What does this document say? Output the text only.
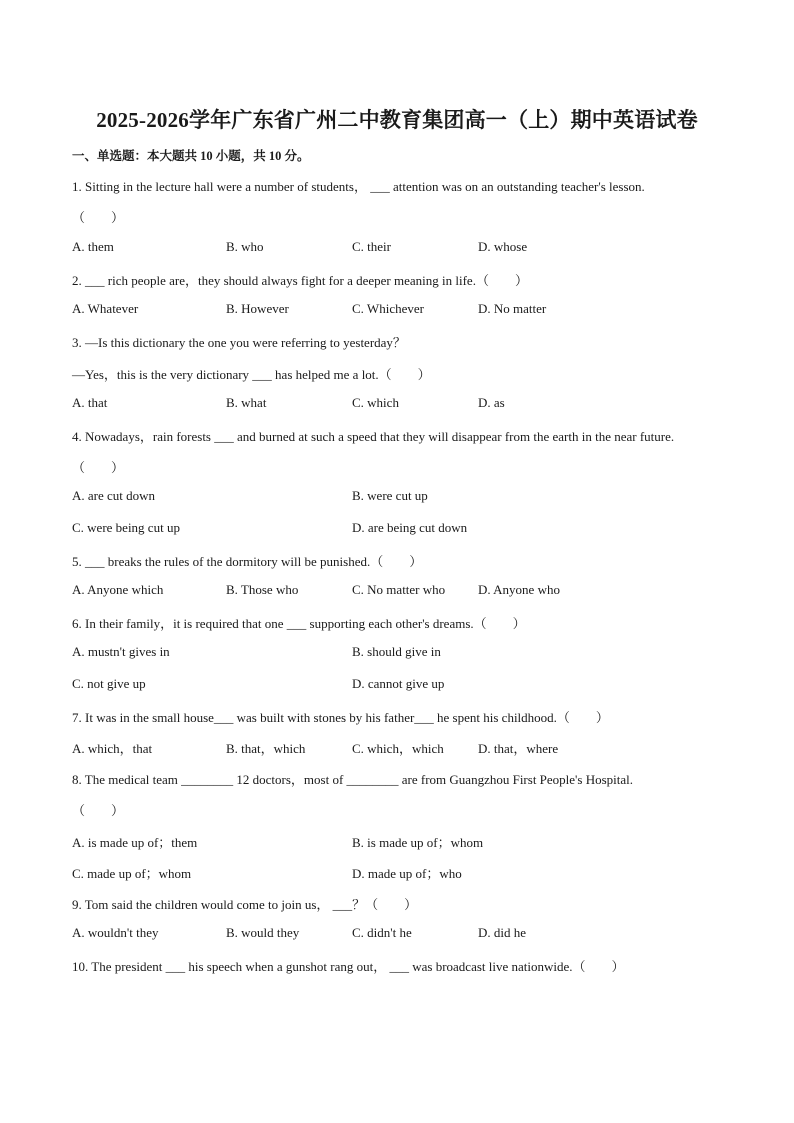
2025-2026学年广东省广州二中教育集团高一（上）期中英语试卷
一、单选题：本大题共 10 小题，共 10 分。
1. Sitting in the lecture hall were a number of students， ___ attention was on an outstanding teacher's lesson.
（　　）
A. them	B. who	C. their	D. whose
2. ___ rich people are，they should always fight for a deeper meaning in life.（　　）
A. Whatever	B. However	C. Whichever	D. No matter
3. —Is this dictionary the one you were referring to yesterday？
—Yes，this is the very dictionary ___ has helped me a lot.（　　）
A. that	B. what	C. which	D. as
4. Nowadays，rain forests ___ and burned at such a speed that they will disappear from the earth in the near future.
（　　）
A. are cut down	B. were cut up
C. were being cut up	D. are being cut down
5. ___ breaks the rules of the dormitory will be punished.（　　）
A. Anyone which	B. Those who	C. No matter who	D. Anyone who
6. In their family，it is required that one ___ supporting each other's dreams.（　　）
A. mustn't gives in	B. should give in
C. not give up	D. cannot give up
7. It was in the small house___ was built with stones by his father___ he spent his childhood.（　　）
A. which，that	B. that，which	C. which，which	D. that，where
8. The medical team ________ 12 doctors，most of ________ are from Guangzhou First People's Hospital.
（　　）
A. is made up of；them	B. is made up of；whom
C. made up of；whom	D. made up of；who
9. Tom said the children would come to join us， ___？（　　）
A. wouldn't they	B. would they	C. didn't he	D. did he
10. The president ___ his speech when a gunshot rang out， ___ was broadcast live nationwide.（　　）
